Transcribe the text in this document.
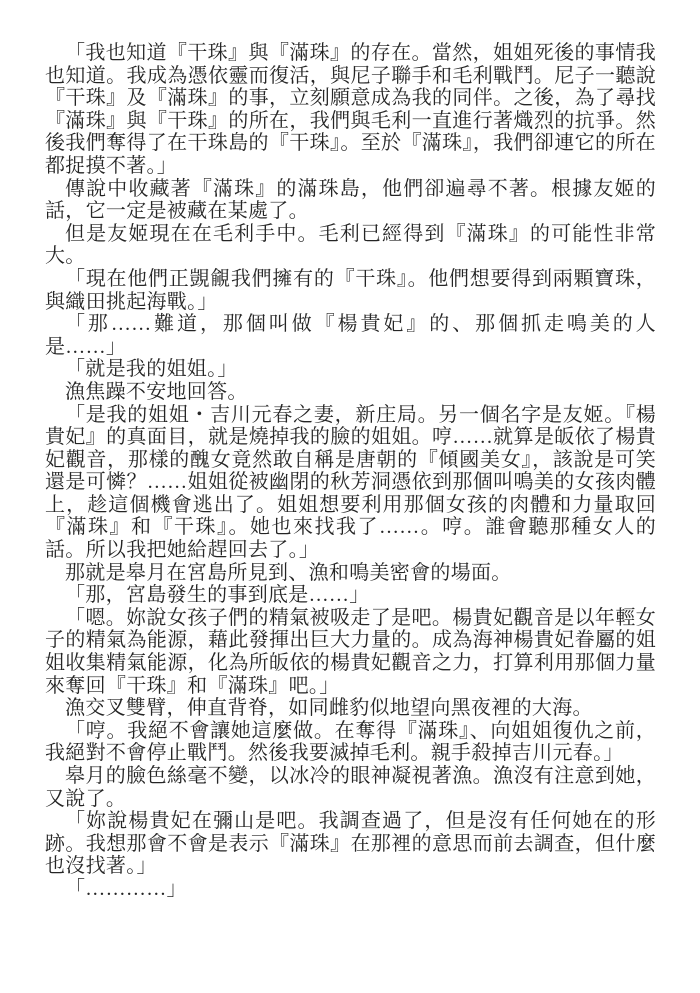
「我也知道『干珠』與『滿珠』的存在。當然，姐姐死後的事情我也知道。我成為憑依靈而復活，與尼子聯手和毛利戰鬥。尼子一聽說『干珠』及『滿珠』的事，立刻願意成為我的同伴。之後，為了尋找『滿珠』與『干珠』的所在，我們與毛利一直進行著熾烈的抗爭。然後我們奪得了在干珠島的『干珠』。至於『滿珠』，我們卻連它的所在都捉摸不著。」

傳說中收藏著『滿珠』的滿珠島，他們卻遍尋不著。根據友姬的話，它一定是被藏在某處了。

但是友姬現在在毛利手中。毛利已經得到『滿珠』的可能性非常大。

「現在他們正覬覦我們擁有的『干珠』。他們想要得到兩顆寶珠，與織田挑起海戰。」

「那……難道，那個叫做『楊貴妃』的、那個抓走鳴美的人是……」

「就是我的姐姐。」

漁焦躁不安地回答。

「是我的姐姐・吉川元春之妻，新庄局。另一個名字是友姬。『楊貴妃』的真面目，就是燒掉我的臉的姐姐。哼……就算是皈依了楊貴妃觀音，那樣的醜女竟然敢自稱是唐朝的『傾國美女』，該說是可笑還是可憐？……姐姐從被幽閉的秋芳洞憑依到那個叫鳴美的女孩肉體上，趁這個機會逃出了。姐姐想要利用那個女孩的肉體和力量取回『滿珠』和『干珠』。她也來找我了……。哼。誰會聽那種女人的話。所以我把她給趕回去了。」

那就是皋月在宮島所見到、漁和鳴美密會的場面。

「那，宮島發生的事到底是……」

「嗯。妳說女孩子們的精氣被吸走了是吧。楊貴妃觀音是以年輕女子的精氣為能源，藉此發揮出巨大力量的。成為海神楊貴妃眷屬的姐姐收集精氣能源，化為所皈依的楊貴妃觀音之力，打算利用那個力量來奪回『干珠』和『滿珠』吧。」

漁交叉雙臂，伸直背脊，如同雌豹似地望向黑夜裡的大海。

「哼。我絕不會讓她這麼做。在奪得『滿珠』、向姐姐復仇之前，我絕對不會停止戰鬥。然後我要滅掉毛利。親手殺掉吉川元春。」

皋月的臉色絲毫不變，以冰冷的眼神凝視著漁。漁沒有注意到她，又說了。

「妳說楊貴妃在彌山是吧。我調查過了，但是沒有任何她在的形跡。我想那會不會是表示『滿珠』在那裡的意思而前去調查，但什麼也沒找著。」

「…………」
